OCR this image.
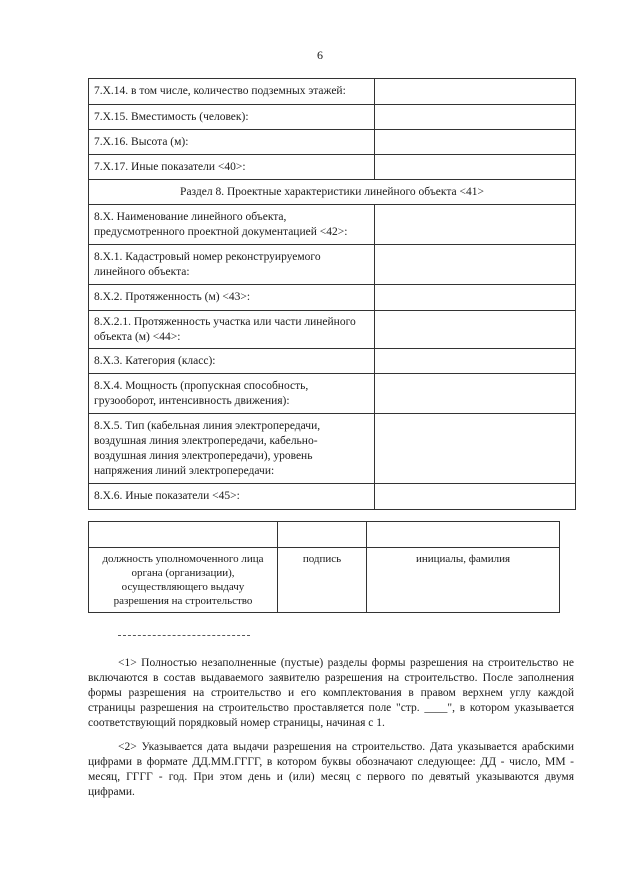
6
7.Х.14. в том числе, количество подземных этажей:	
7.Х.15. Вместимость (человек):	
7.Х.16. Высота (м):	
7.Х.17. Иные показатели <40>:	
Раздел 8. Проектные характеристики линейного объекта <41>	
8.Х. Наименование линейного объекта, предусмотренного проектной документацией <42>:	
8.Х.1. Кадастровый номер реконструируемого линейного объекта:	
8.Х.2. Протяженность (м) <43>:	
8.Х.2.1. Протяженность участка или части линейного объекта (м) <44>:	
8.Х.3. Категория (класс):	
8.Х.4. Мощность (пропускная способность, грузооборот, интенсивность движения):	
8.Х.5. Тип (кабельная линия электропередачи, воздушная линия электропередачи, кабельно-воздушная линия электропередачи), уровень напряжения линий электропередачи:	
8.Х.6. Иные показатели <45>:	

должность уполномоченного лица органа (организации), осуществляющего выдачу разрешения на строительство	подпись	инициалы, фамилия

<1> Полностью незаполненные (пустые) разделы формы разрешения на строительство не включаются в состав выдаваемого заявителю разрешения на строительство. После заполнения формы разрешения на строительство и его комплектования в правом верхнем углу каждой страницы разрешения на строительство проставляется поле "стр. ____", в котором указывается соответствующий порядковый номер страницы, начиная с 1.

<2> Указывается дата выдачи разрешения на строительство. Дата указывается арабскими цифрами в формате ДД.ММ.ГГГГ, в котором буквы обозначают следующее: ДД - число, ММ - месяц, ГГГГ - год. При этом день и (или) месяц с первого по девятый указываются двумя цифрами.
